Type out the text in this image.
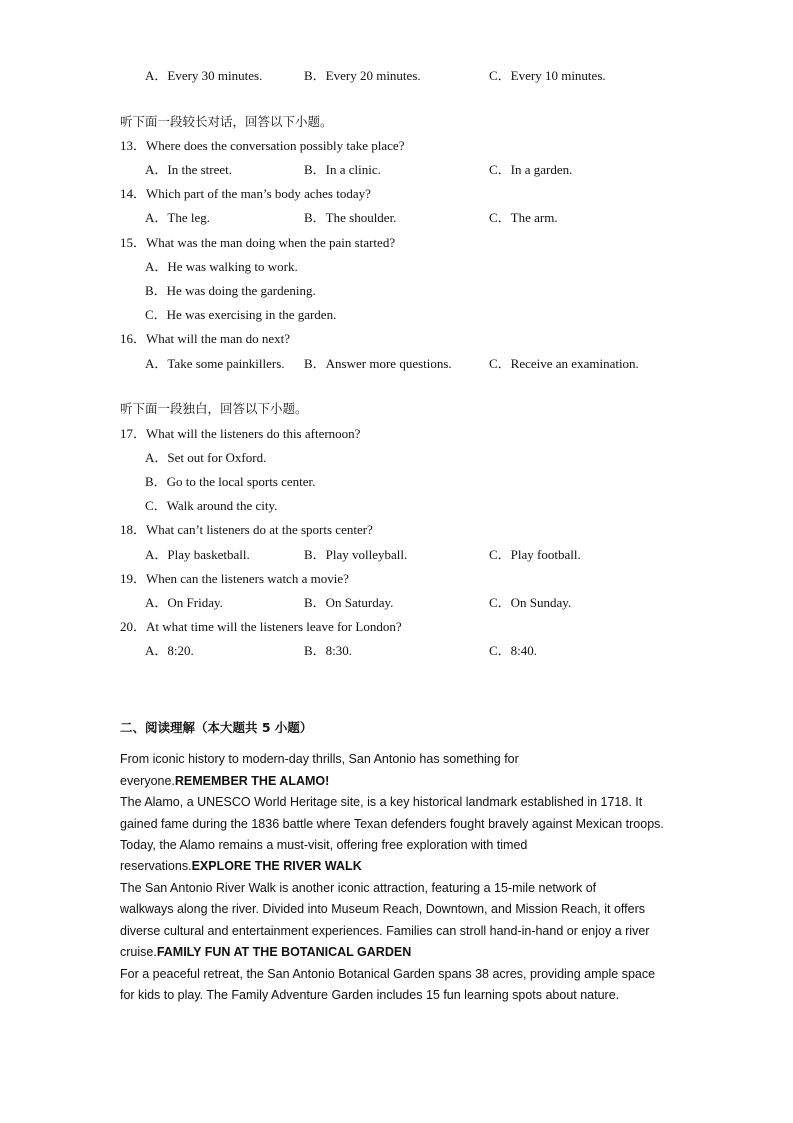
A．Every 30 minutes.	B．Every 20 minutes.	C．Every 10 minutes.
听下面一段较长对话，回答以下小题。
13．Where does the conversation possibly take place?
A．In the street.	B．In a clinic.	C．In a garden.
14．Which part of the man’s body aches today?
A．The leg.	B．The shoulder.	C．The arm.
15．What was the man doing when the pain started?
A．He was walking to work.
B．He was doing the gardening.
C．He was exercising in the garden.
16．What will the man do next?
A．Take some painkillers. B．Answer more questions.	C．Receive an examination.
听下面一段独白，回答以下小题。
17．What will the listeners do this afternoon?
A．Set out for Oxford.
B．Go to the local sports center.
C．Walk around the city.
18．What can’t listeners do at the sports center?
A．Play basketball.	B．Play volleyball.	C．Play football.
19．When can the listeners watch a movie?
A．On Friday.	B．On Saturday.	C．On Sunday.
20．At what time will the listeners leave for London?
A．8:20.	B．8:30.	C．8:40.
二、阅读理解（本大题共 5 小题）
From iconic history to modern-day thrills, San Antonio has something for
everyone.REMEMBER THE ALAMO!
The Alamo, a UNESCO World Heritage site, is a key historical landmark established in 1718. It
gained fame during the 1836 battle where Texan defenders fought bravely against Mexican troops.
Today, the Alamo remains a must-visit, offering free exploration with timed
reservations.EXPLORE THE RIVER WALK
The San Antonio River Walk is another iconic attraction, featuring a 15-mile network of
walkways along the river. Divided into Museum Reach, Downtown, and Mission Reach, it offers
diverse cultural and entertainment experiences. Families can stroll hand-in-hand or enjoy a river
cruise.FAMILY FUN AT THE BOTANICAL GARDEN
For a peaceful retreat, the San Antonio Botanical Garden spans 38 acres, providing ample space
for kids to play. The Family Adventure Garden includes 15 fun learning spots about nature.
